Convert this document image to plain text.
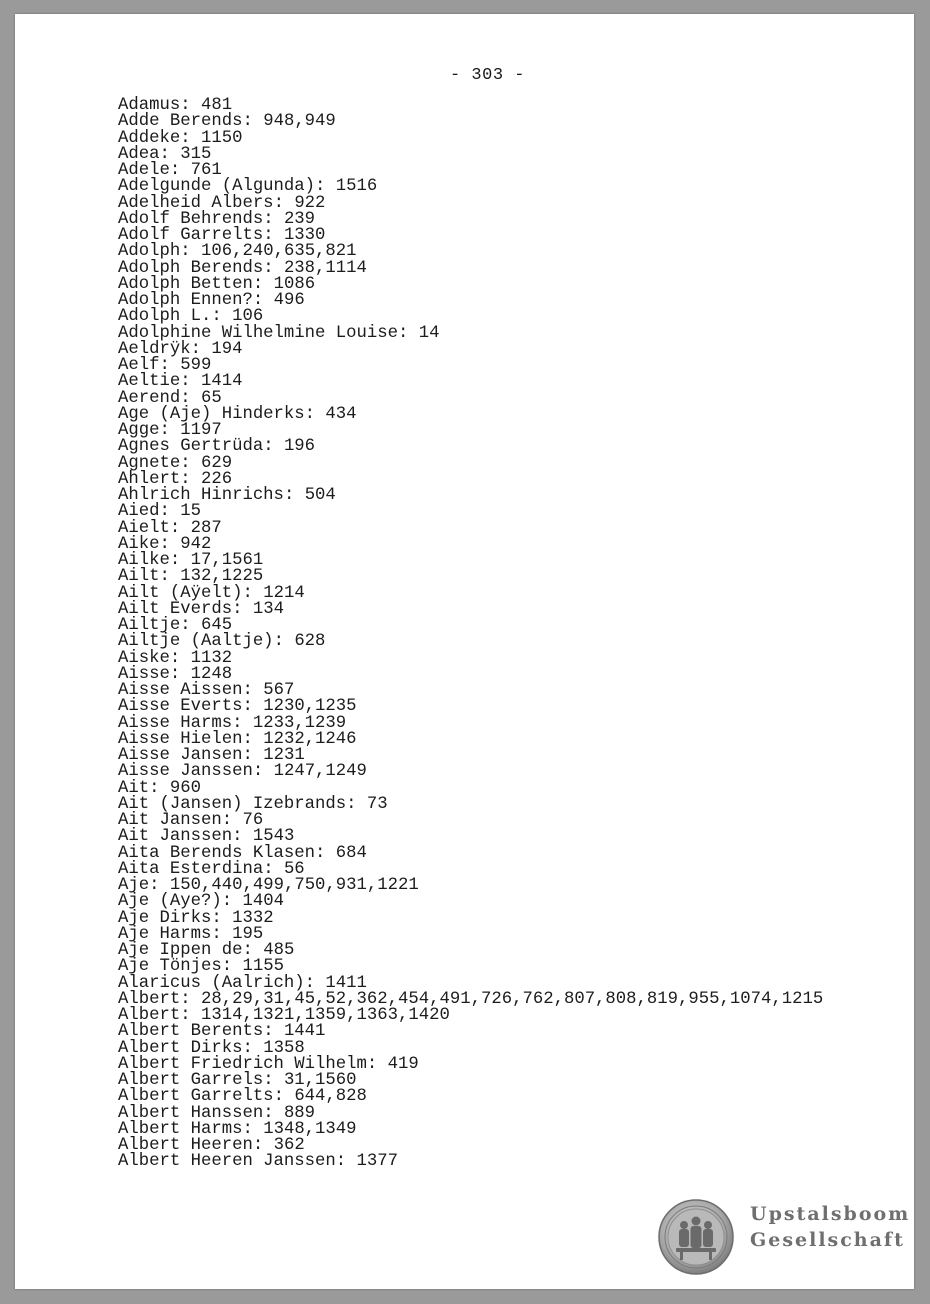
- 303 -
Adamus: 481
Adde Berends: 948,949
Addeke: 1150
Adea: 315
Adele: 761
Adelgunde (Algunda): 1516
Adelheid Albers: 922
Adolf Behrends: 239
Adolf Garrelts: 1330
Adolph: 106,240,635,821
Adolph Berends: 238,1114
Adolph Betten: 1086
Adolph Ennen?: 496
Adolph L.: 106
Adolphine Wilhelmine Louise: 14
Aeldrÿk: 194
Aelf: 599
Aeltie: 1414
Aerend: 65
Age (Aje) Hinderks: 434
Agge: 1197
Agnes Gertrüda: 196
Agnete: 629
Ahlert: 226
Ahlrich Hinrichs: 504
Aied: 15
Aielt: 287
Aike: 942
Ailke: 17,1561
Ailt: 132,1225
Ailt (Aÿelt): 1214
Ailt Everds: 134
Ailtje: 645
Ailtje (Aaltje): 628
Aiske: 1132
Aisse: 1248
Aisse Aissen: 567
Aisse Everts: 1230,1235
Aisse Harms: 1233,1239
Aisse Hielen: 1232,1246
Aisse Jansen: 1231
Aisse Janssen: 1247,1249
Ait: 960
Ait (Jansen) Izebrands: 73
Ait Jansen: 76
Ait Janssen: 1543
Aita Berends Klasen: 684
Aita Esterdina: 56
Aje: 150,440,499,750,931,1221
Aje (Aye?): 1404
Aje Dirks: 1332
Aje Harms: 195
Aje Ippen de: 485
Aje Tönjes: 1155
Alaricus (Aalrich): 1411
Albert: 28,29,31,45,52,362,454,491,726,762,807,808,819,955,1074,1215
Albert: 1314,1321,1359,1363,1420
Albert Berents: 1441
Albert Dirks: 1358
Albert Friedrich Wilhelm: 419
Albert Garrels: 31,1560
Albert Garrelts: 644,828
Albert Hanssen: 889
Albert Harms: 1348,1349
Albert Heeren: 362
Albert Heeren Janssen: 1377
Upstalsboom
Gesellschaft
